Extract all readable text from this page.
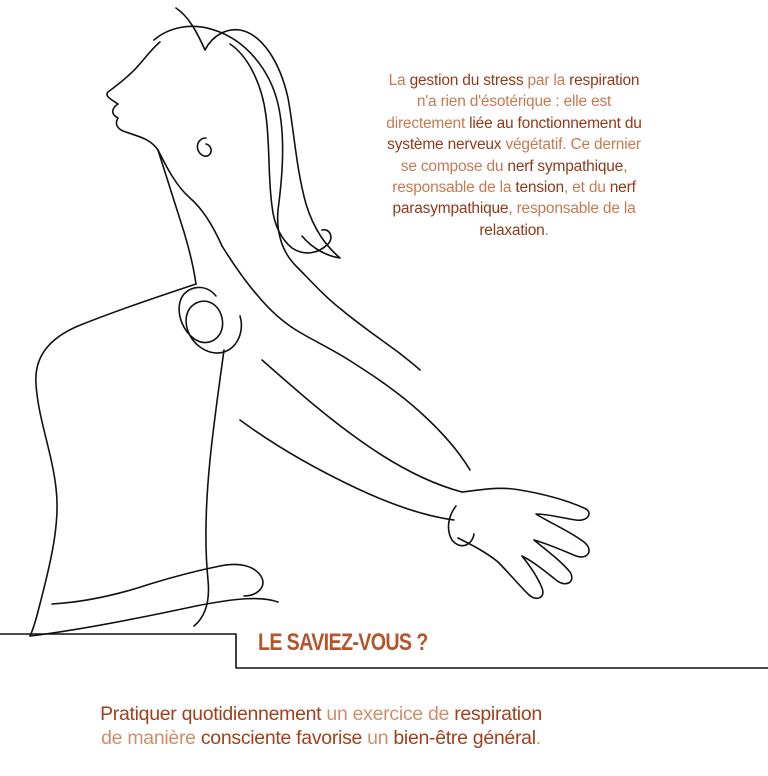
La gestion du stress par la respiration n'a rien d'ésotérique : elle est directement liée au fonctionnement du système nerveux végétatif. Ce dernier se compose du nerf sympathique, responsable de la tension, et du nerf parasympathique, responsable de la relaxation.

LE SAVIEZ-VOUS ?

Pratiquer quotidiennement un exercice de respiration de manière consciente favorise un bien-être général.
